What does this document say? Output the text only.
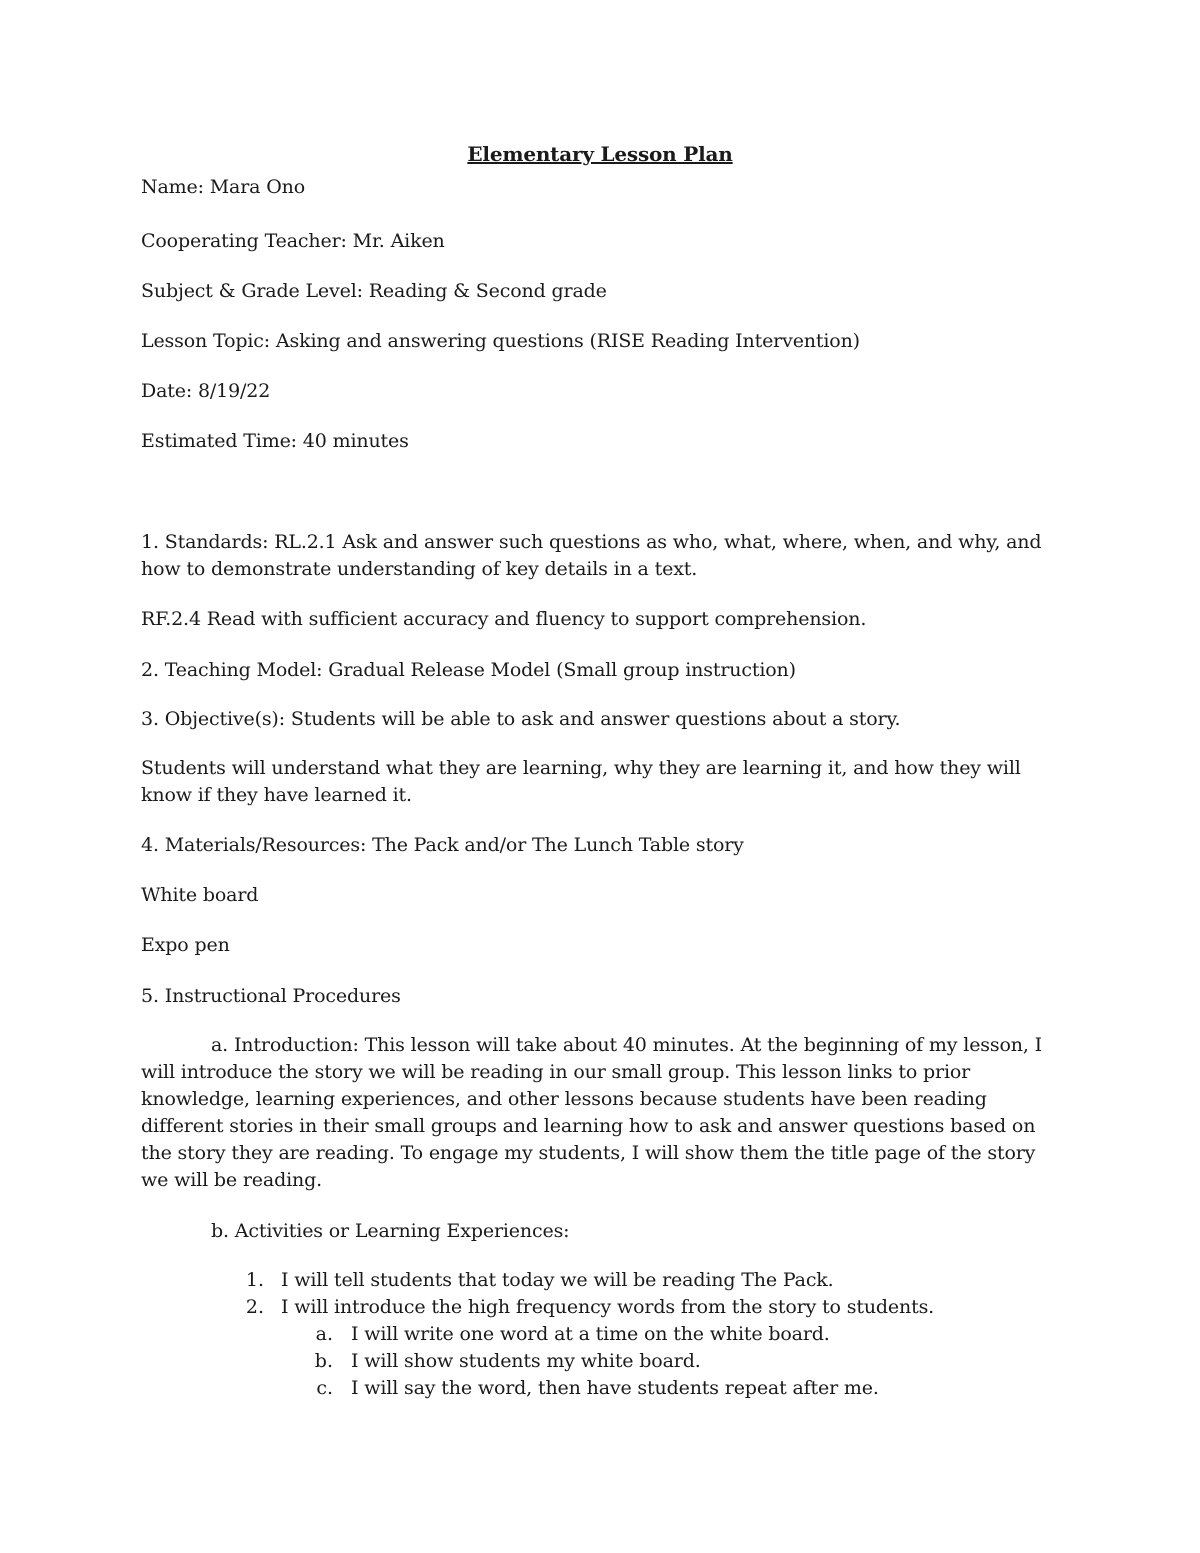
Elementary Lesson Plan
Name: Mara Ono
Cooperating Teacher: Mr. Aiken
Subject & Grade Level: Reading & Second grade
Lesson Topic: Asking and answering questions (RISE Reading Intervention)
Date: 8/19/22
Estimated Time: 40 minutes
1. Standards: RL.2.1 Ask and answer such questions as who, what, where, when, and why, and how to demonstrate understanding of key details in a text.
RF.2.4 Read with sufficient accuracy and fluency to support comprehension.
2. Teaching Model: Gradual Release Model (Small group instruction)
3. Objective(s): Students will be able to ask and answer questions about a story.
Students will understand what they are learning, why they are learning it, and how they will know if they have learned it.
4. Materials/Resources: The Pack and/or The Lunch Table story
White board
Expo pen
5. Instructional Procedures
a. Introduction: This lesson will take about 40 minutes. At the beginning of my lesson, I will introduce the story we will be reading in our small group. This lesson links to prior knowledge, learning experiences, and other lessons because students have been reading different stories in their small groups and learning how to ask and answer questions based on the story they are reading. To engage my students, I will show them the title page of the story we will be reading.
b. Activities or Learning Experiences:
1. I will tell students that today we will be reading The Pack.
2. I will introduce the high frequency words from the story to students.
a. I will write one word at a time on the white board.
b. I will show students my white board.
c. I will say the word, then have students repeat after me.
